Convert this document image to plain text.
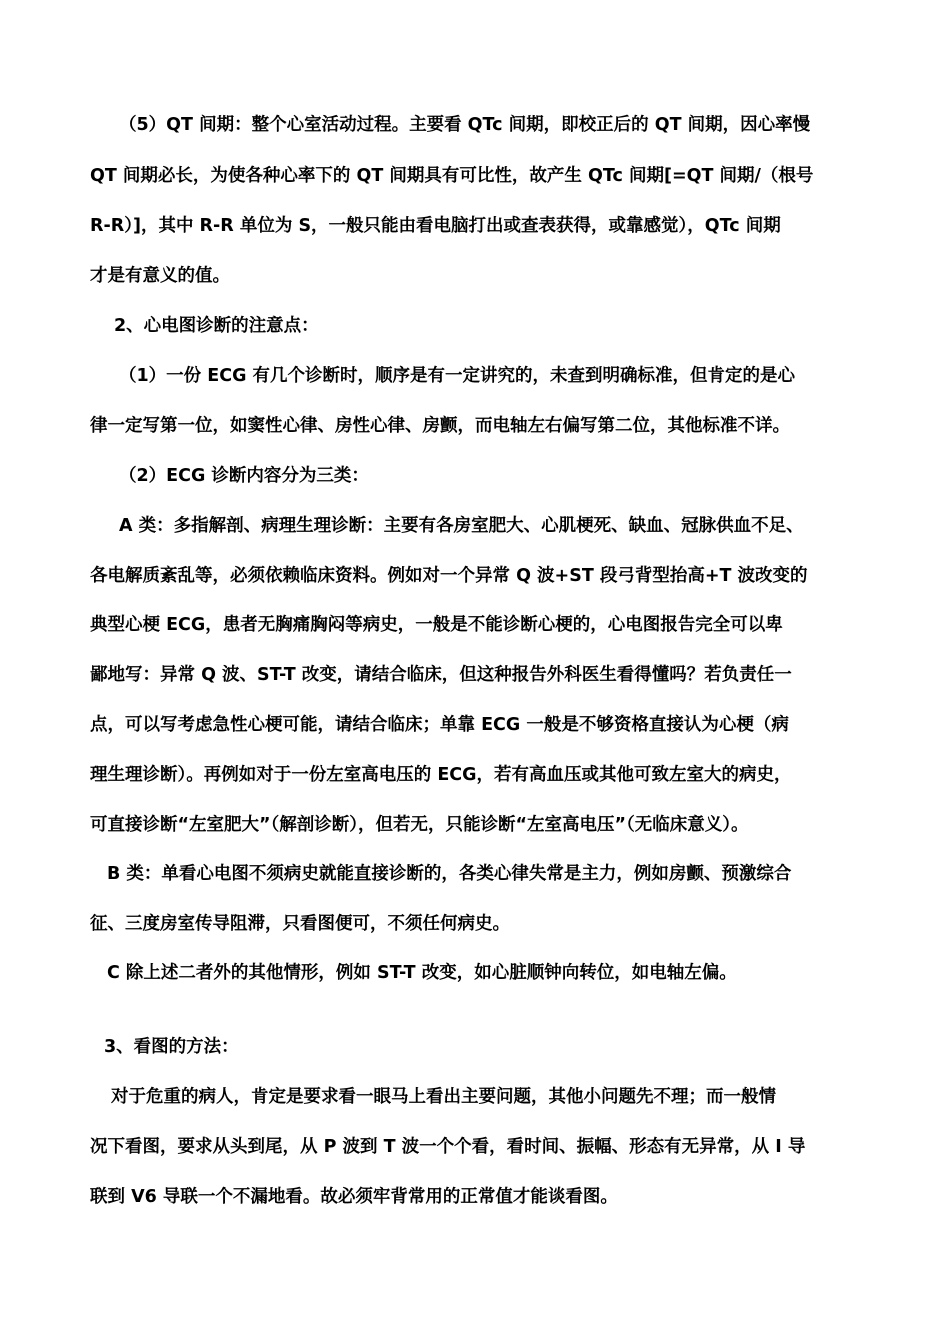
（5）QT 间期：整个心室活动过程。主要看 QTc 间期，即校正后的 QT 间期，因心率慢

QT 间期必长，为使各种心率下的 QT 间期具有可比性，故产生 QTc 间期[=QT 间期/（根号

R-R）]，其中 R-R 单位为 S，一般只能由看电脑打出或查表获得，或靠感觉），QTc 间期

才是有意义的值。

2、心电图诊断的注意点：

（1）一份 ECG 有几个诊断时，顺序是有一定讲究的，未查到明确标准，但肯定的是心

律一定写第一位，如窦性心律、房性心律、房颤，而电轴左右偏写第二位，其他标准不详。

（2）ECG 诊断内容分为三类：

A 类：多指解剖、病理生理诊断：主要有各房室肥大、心肌梗死、缺血、冠脉供血不足、

各电解质紊乱等，必须依赖临床资料。例如对一个异常 Q 波+ST 段弓背型抬高+T 波改变的

典型心梗 ECG，患者无胸痛胸闷等病史，一般是不能诊断心梗的，心电图报告完全可以卑

鄙地写：异常 Q 波、ST-T 改变，请结合临床，但这种报告外科医生看得懂吗？若负责任一

点，可以写考虑急性心梗可能，请结合临床；单靠 ECG 一般是不够资格直接认为心梗（病

理生理诊断）。再例如对于一份左室高电压的 ECG，若有高血压或其他可致左室大的病史，

可直接诊断“左室肥大”（解剖诊断），但若无，只能诊断“左室高电压”（无临床意义）。

B 类：单看心电图不须病史就能直接诊断的，各类心律失常是主力，例如房颤、预激综合

征、三度房室传导阻滞，只看图便可，不须任何病史。

C 除上述二者外的其他情形，例如 ST-T 改变，如心脏顺钟向转位，如电轴左偏。

3、看图的方法：

对于危重的病人，肯定是要求看一眼马上看出主要问题，其他小问题先不理；而一般情

况下看图，要求从头到尾，从 P 波到 T 波一个个看，看时间、振幅、形态有无异常，从 I 导

联到 V6 导联一个不漏地看。故必须牢背常用的正常值才能谈看图。
